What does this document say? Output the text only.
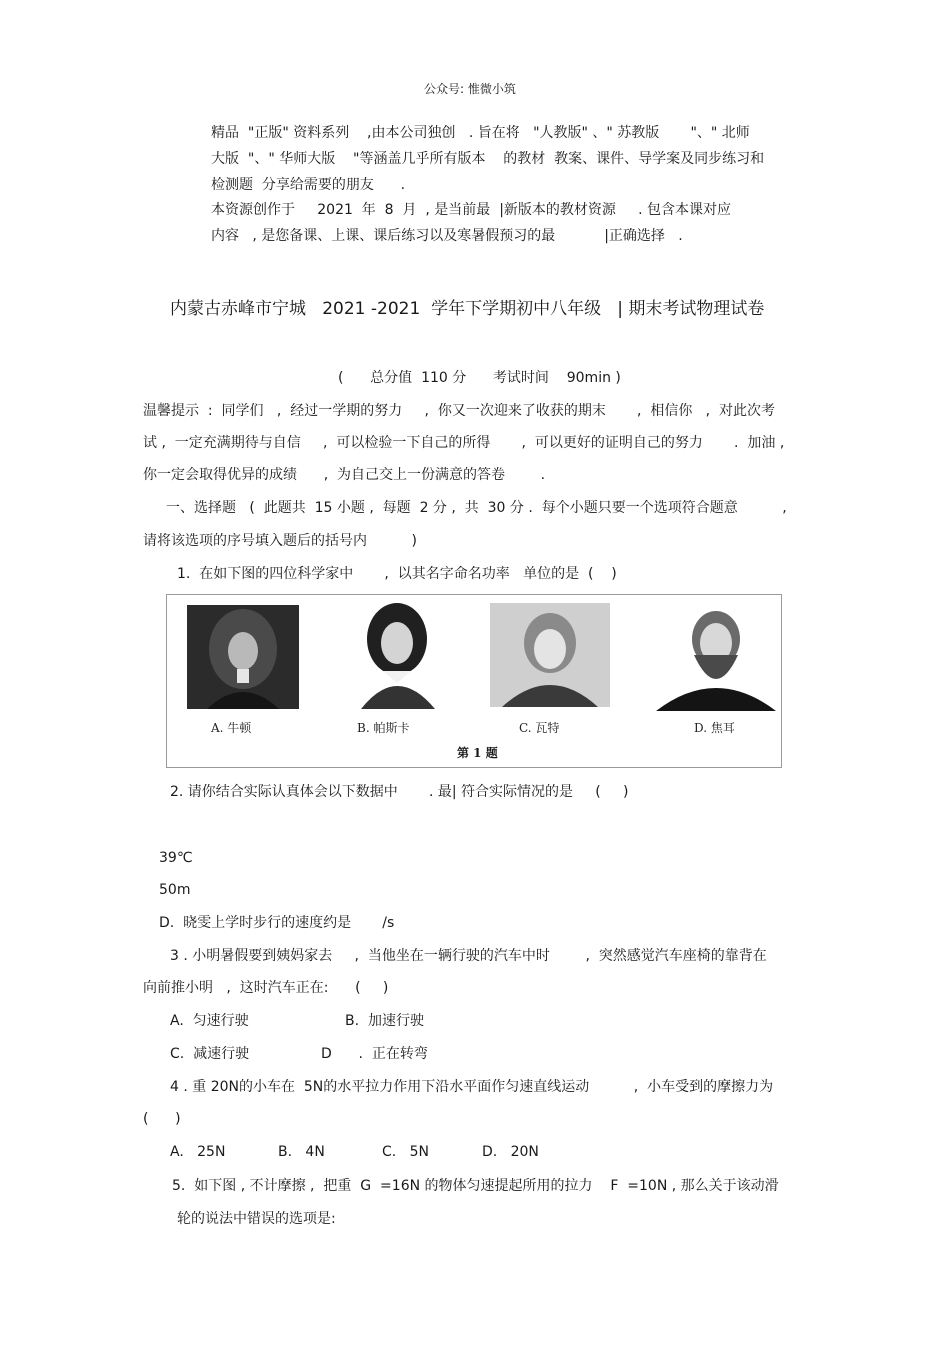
公众号: 惟微小筑
精品  "正版" 资料系列    ,由本公司独创   . 旨在将   "人教版" 、" 苏教版       "、" 北师
大版  "、" 华师大版    "等涵盖几乎所有版本    的教材  教案、课件、导学案及同步练习和
检测题  分享给需要的朋友      .
本资源创作于     2021  年  8  月  , 是当前最  |新版本的教材资源     . 包含本课对应
内容   , 是您备课、上课、课后练习以及寒暑假预习的最           |正确选择   .
内蒙古赤峰市宁城   2021 -2021  学年下学期初中八年级   | 期末考试物理试卷
(      总分值  110 分      考试时间    90min )
温馨提示  :  同学们   ,  经过一学期的努力     ,  你又一次迎来了收获的期末       ,  相信你   ,  对此次考
试 ,  一定充满期待与自信     ,  可以检验一下自己的所得       ,  可以更好的证明自己的努力       .  加油 ,
你一定会取得优异的成绩      ,  为自己交上一份满意的答卷        .
一、选择题   (  此题共  15 小题 ,  每题  2 分 ,  共  30 分 .  每个小题只要一个选项符合题意          ,
请将该选项的序号填入题后的括号内          )
1.  在如下图的四位科学家中       ,  以其名字命名功率   单位的是  (    )
A. 牛顿	B. 帕斯卡	C. 瓦特	D. 焦耳
第 1 题
2. 请你结合实际认真体会以下数据中       . 最| 符合实际情况的是     (     )
39℃
50m
D.  晓雯上学时步行的速度约是       /s
3 . 小明暑假要到姨妈家去     ,  当他坐在一辆行驶的汽车中时        ,  突然感觉汽车座椅的靠背在
向前推小明   ,  这时汽车正在:      (     )
A.  匀速行驶	B.  加速行驶
C.  减速行驶	D      .  正在转弯
4 . 重 20N的小车在  5N的水平拉力作用下沿水平面作匀速直线运动          ,  小车受到的摩擦力为
(      )
A.   25N	B.   4N	C.   5N	D.   20N
5.  如下图 , 不计摩擦 ,  把重  G  =16N 的物体匀速提起所用的拉力    F  =10N , 那么关于该动滑
轮的说法中错误的选项是:
